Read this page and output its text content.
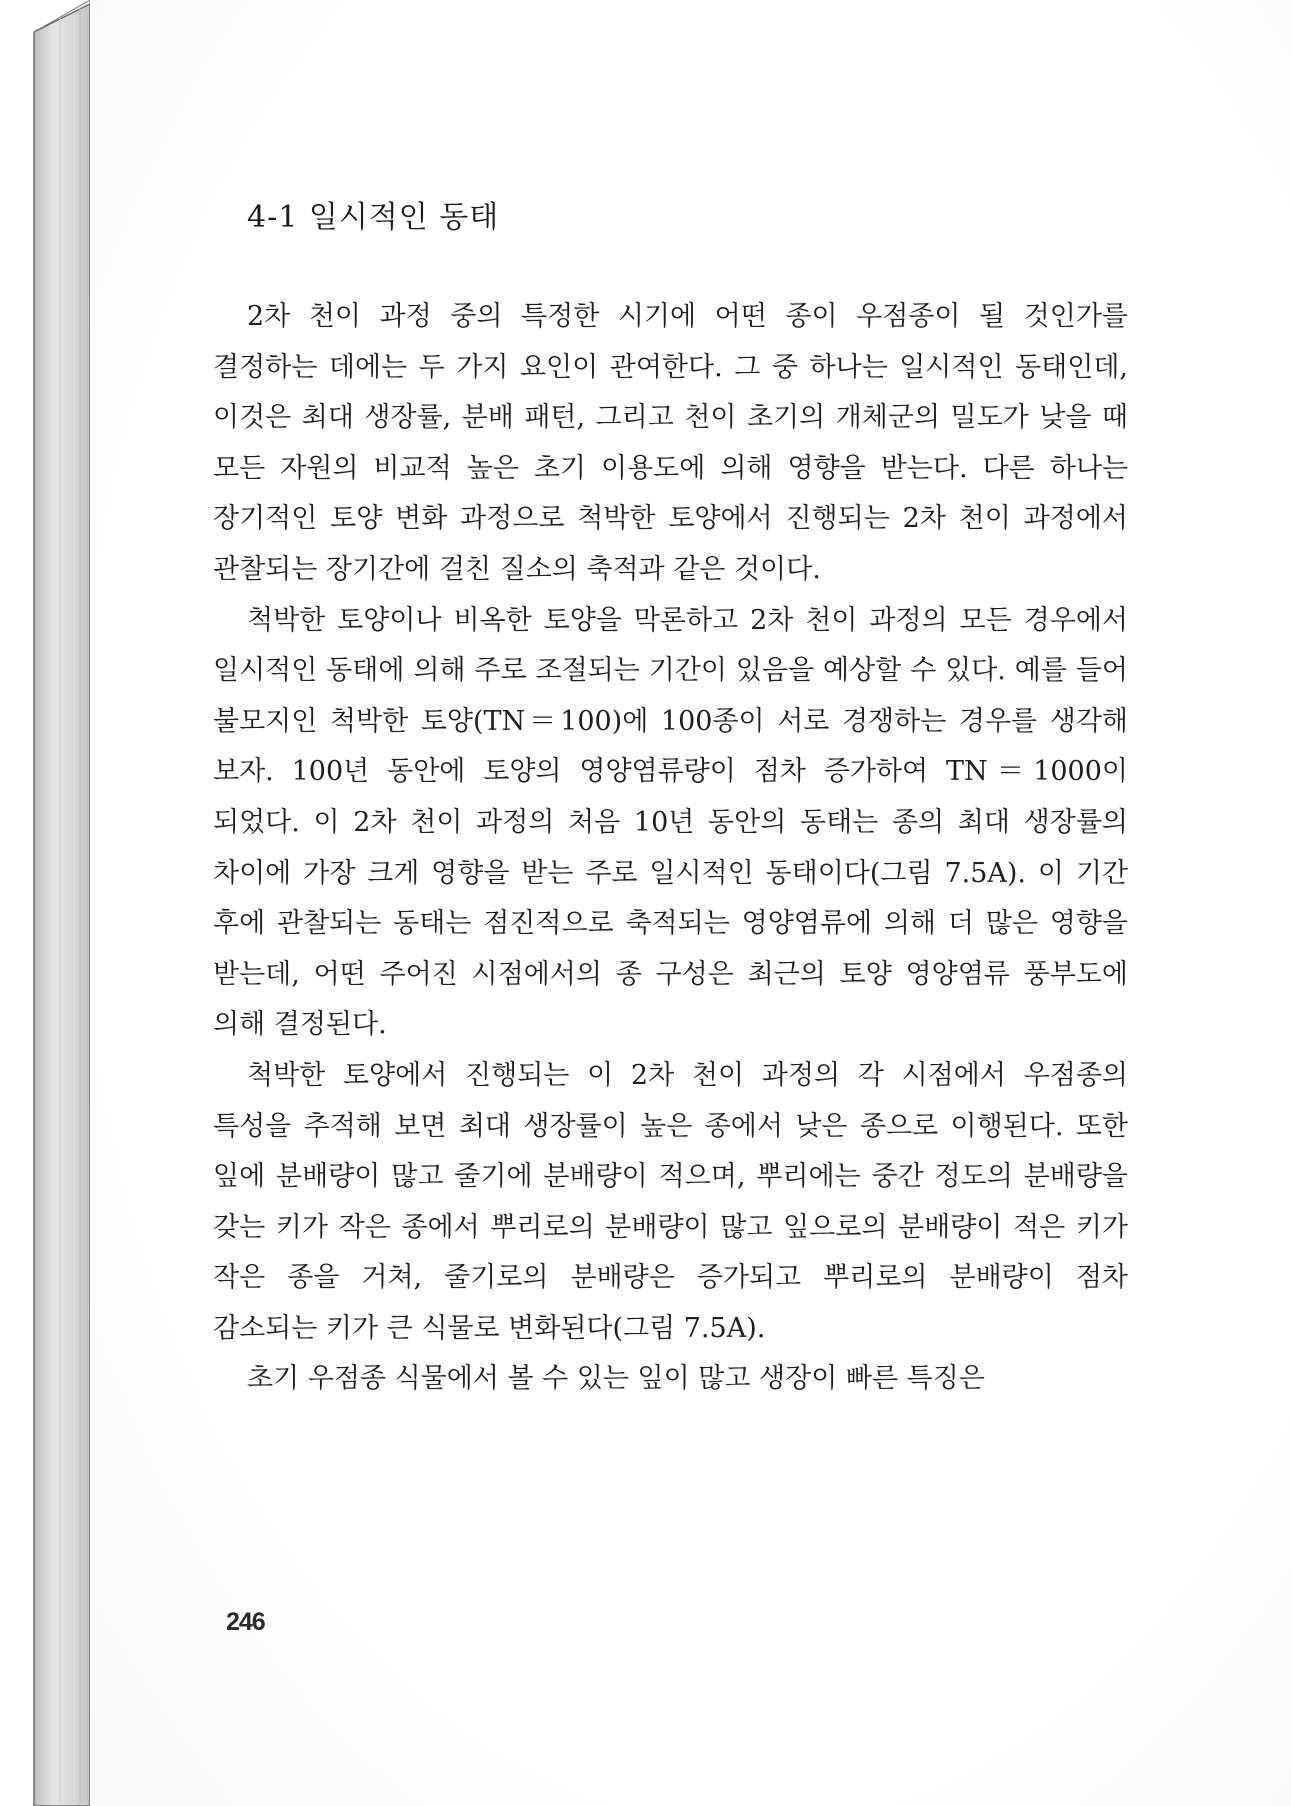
4-1 일시적인 동태

2차 천이 과정 중의 특정한 시기에 어떤 종이 우점종이 될 것인가를 결정하는 데에는 두 가지 요인이 관여한다. 그 중 하나는 일시적인 동태인데, 이것은 최대 생장률, 분배 패턴, 그리고 천이 초기의 개체군의 밀도가 낮을 때 모든 자원의 비교적 높은 초기 이용도에 의해 영향을 받는다. 다른 하나는 장기적인 토양 변화 과정으로 척박한 토양에서 진행되는 2차 천이 과정에서 관찰되는 장기간에 걸친 질소의 축적과 같은 것이다.

척박한 토양이나 비옥한 토양을 막론하고 2차 천이 과정의 모든 경우에서 일시적인 동태에 의해 주로 조절되는 기간이 있음을 예상할 수 있다. 예를 들어 불모지인 척박한 토양(TN＝100)에 100종이 서로 경쟁하는 경우를 생각해 보자. 100년 동안에 토양의 영양염류량이 점차 증가하여 TN＝1000이 되었다. 이 2차 천이 과정의 처음 10년 동안의 동태는 종의 최대 생장률의 차이에 가장 크게 영향을 받는 주로 일시적인 동태이다(그림 7.5A). 이 기간 후에 관찰되는 동태는 점진적으로 축적되는 영양염류에 의해 더 많은 영향을 받는데, 어떤 주어진 시점에서의 종 구성은 최근의 토양 영양염류 풍부도에 의해 결정된다.

척박한 토양에서 진행되는 이 2차 천이 과정의 각 시점에서 우점종의 특성을 추적해 보면 최대 생장률이 높은 종에서 낮은 종으로 이행된다. 또한 잎에 분배량이 많고 줄기에 분배량이 적으며, 뿌리에는 중간 정도의 분배량을 갖는 키가 작은 종에서 뿌리로의 분배량이 많고 잎으로의 분배량이 적은 키가 작은 종을 거쳐, 줄기로의 분배량은 증가되고 뿌리로의 분배량이 점차 감소되는 키가 큰 식물로 변화된다(그림 7.5A).

초기 우점종 식물에서 볼 수 있는 잎이 많고 생장이 빠른 특징은

246
